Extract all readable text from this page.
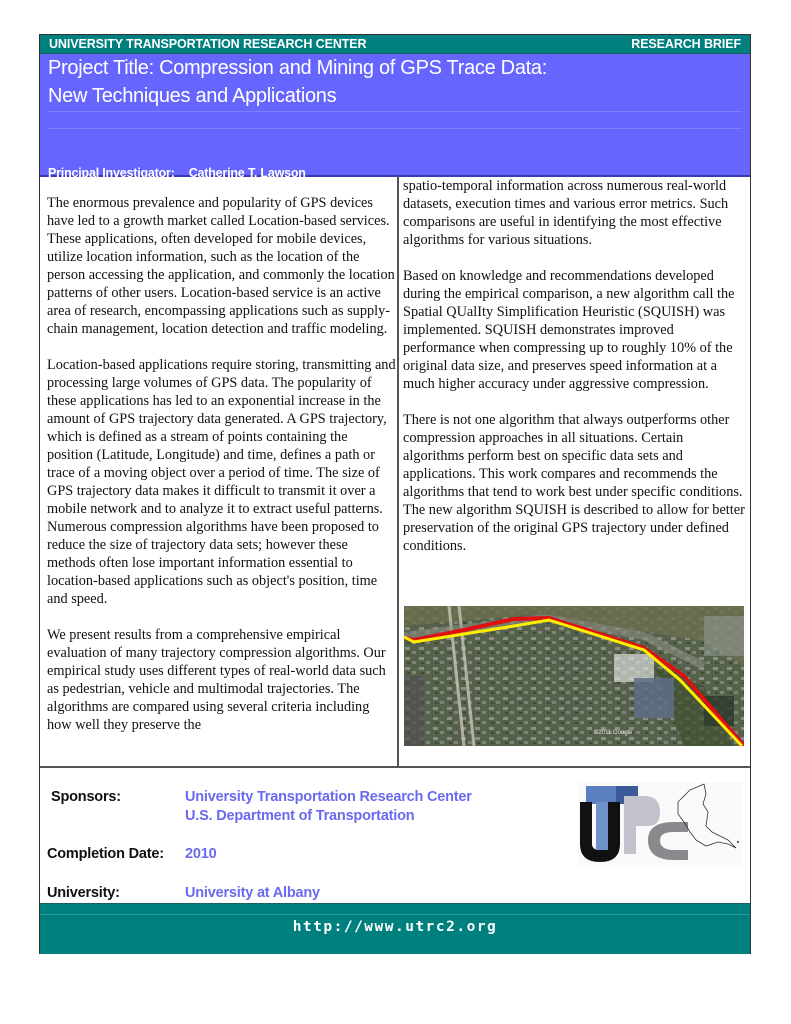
UNIVERSITY TRANSPORTATION RESEARCH CENTER	RESEARCH BRIEF
Project Title: Compression and Mining of GPS Trace Data:
New Techniques and Applications
Principal Investigator: Catherine T. Lawson

The enormous prevalence and popularity of GPS devices have led to a growth market called Location-based services. These applications, often developed for mobile devices, utilize location information, such as the location of the person accessing the application, and commonly the location patterns of other users. Location-based service is an active area of research, encompassing applications such as supply-chain management, location detection and traffic modeling.

Location-based applications require storing, transmitting and processing large volumes of GPS data. The popularity of these applications has led to an exponential increase in the amount of GPS trajectory data generated. A GPS trajectory, which is defined as a stream of points containing the position (Latitude, Longitude) and time, defines a path or trace of a moving object over a period of time. The size of GPS trajectory data makes it difficult to transmit it over a mobile network and to analyze it to extract useful patterns. Numerous compression algorithms have been proposed to reduce the size of trajectory data sets; however these methods often lose important information essential to location-based applications such as object's position, time and speed.

We present results from a comprehensive empirical evaluation of many trajectory compression algorithms. Our empirical study uses different types of real-world data such as pedestrian, vehicle and multimodal trajectories. The algorithms are compared using several criteria including how well they preserve the

spatio-temporal information across numerous real-world datasets, execution times and various error metrics. Such comparisons are useful in identifying the most effective algorithms for various situations.

Based on knowledge and recommendations developed during the empirical comparison, a new algorithm call the Spatial QUalIty Simplification Heuristic (SQUISH) was implemented. SQUISH demonstrates improved performance when compressing up to roughly 10% of the original data size, and preserves speed information at a much higher accuracy under aggressive compression.

There is not one algorithm that always outperforms other compression approaches in all situations. Certain algorithms perform best on specific data sets and applications. This work compares and recommends the algorithms that tend to work best under specific conditions. The new algorithm SQUISH is described to allow for better preservation of the original GPS trajectory under defined conditions.

©2011 Google
Sponsors:	University Transportation Research Center
U.S. Department of Transportation
Completion Date: 2010
University:	University at Albany
http://www.utrc2.org
